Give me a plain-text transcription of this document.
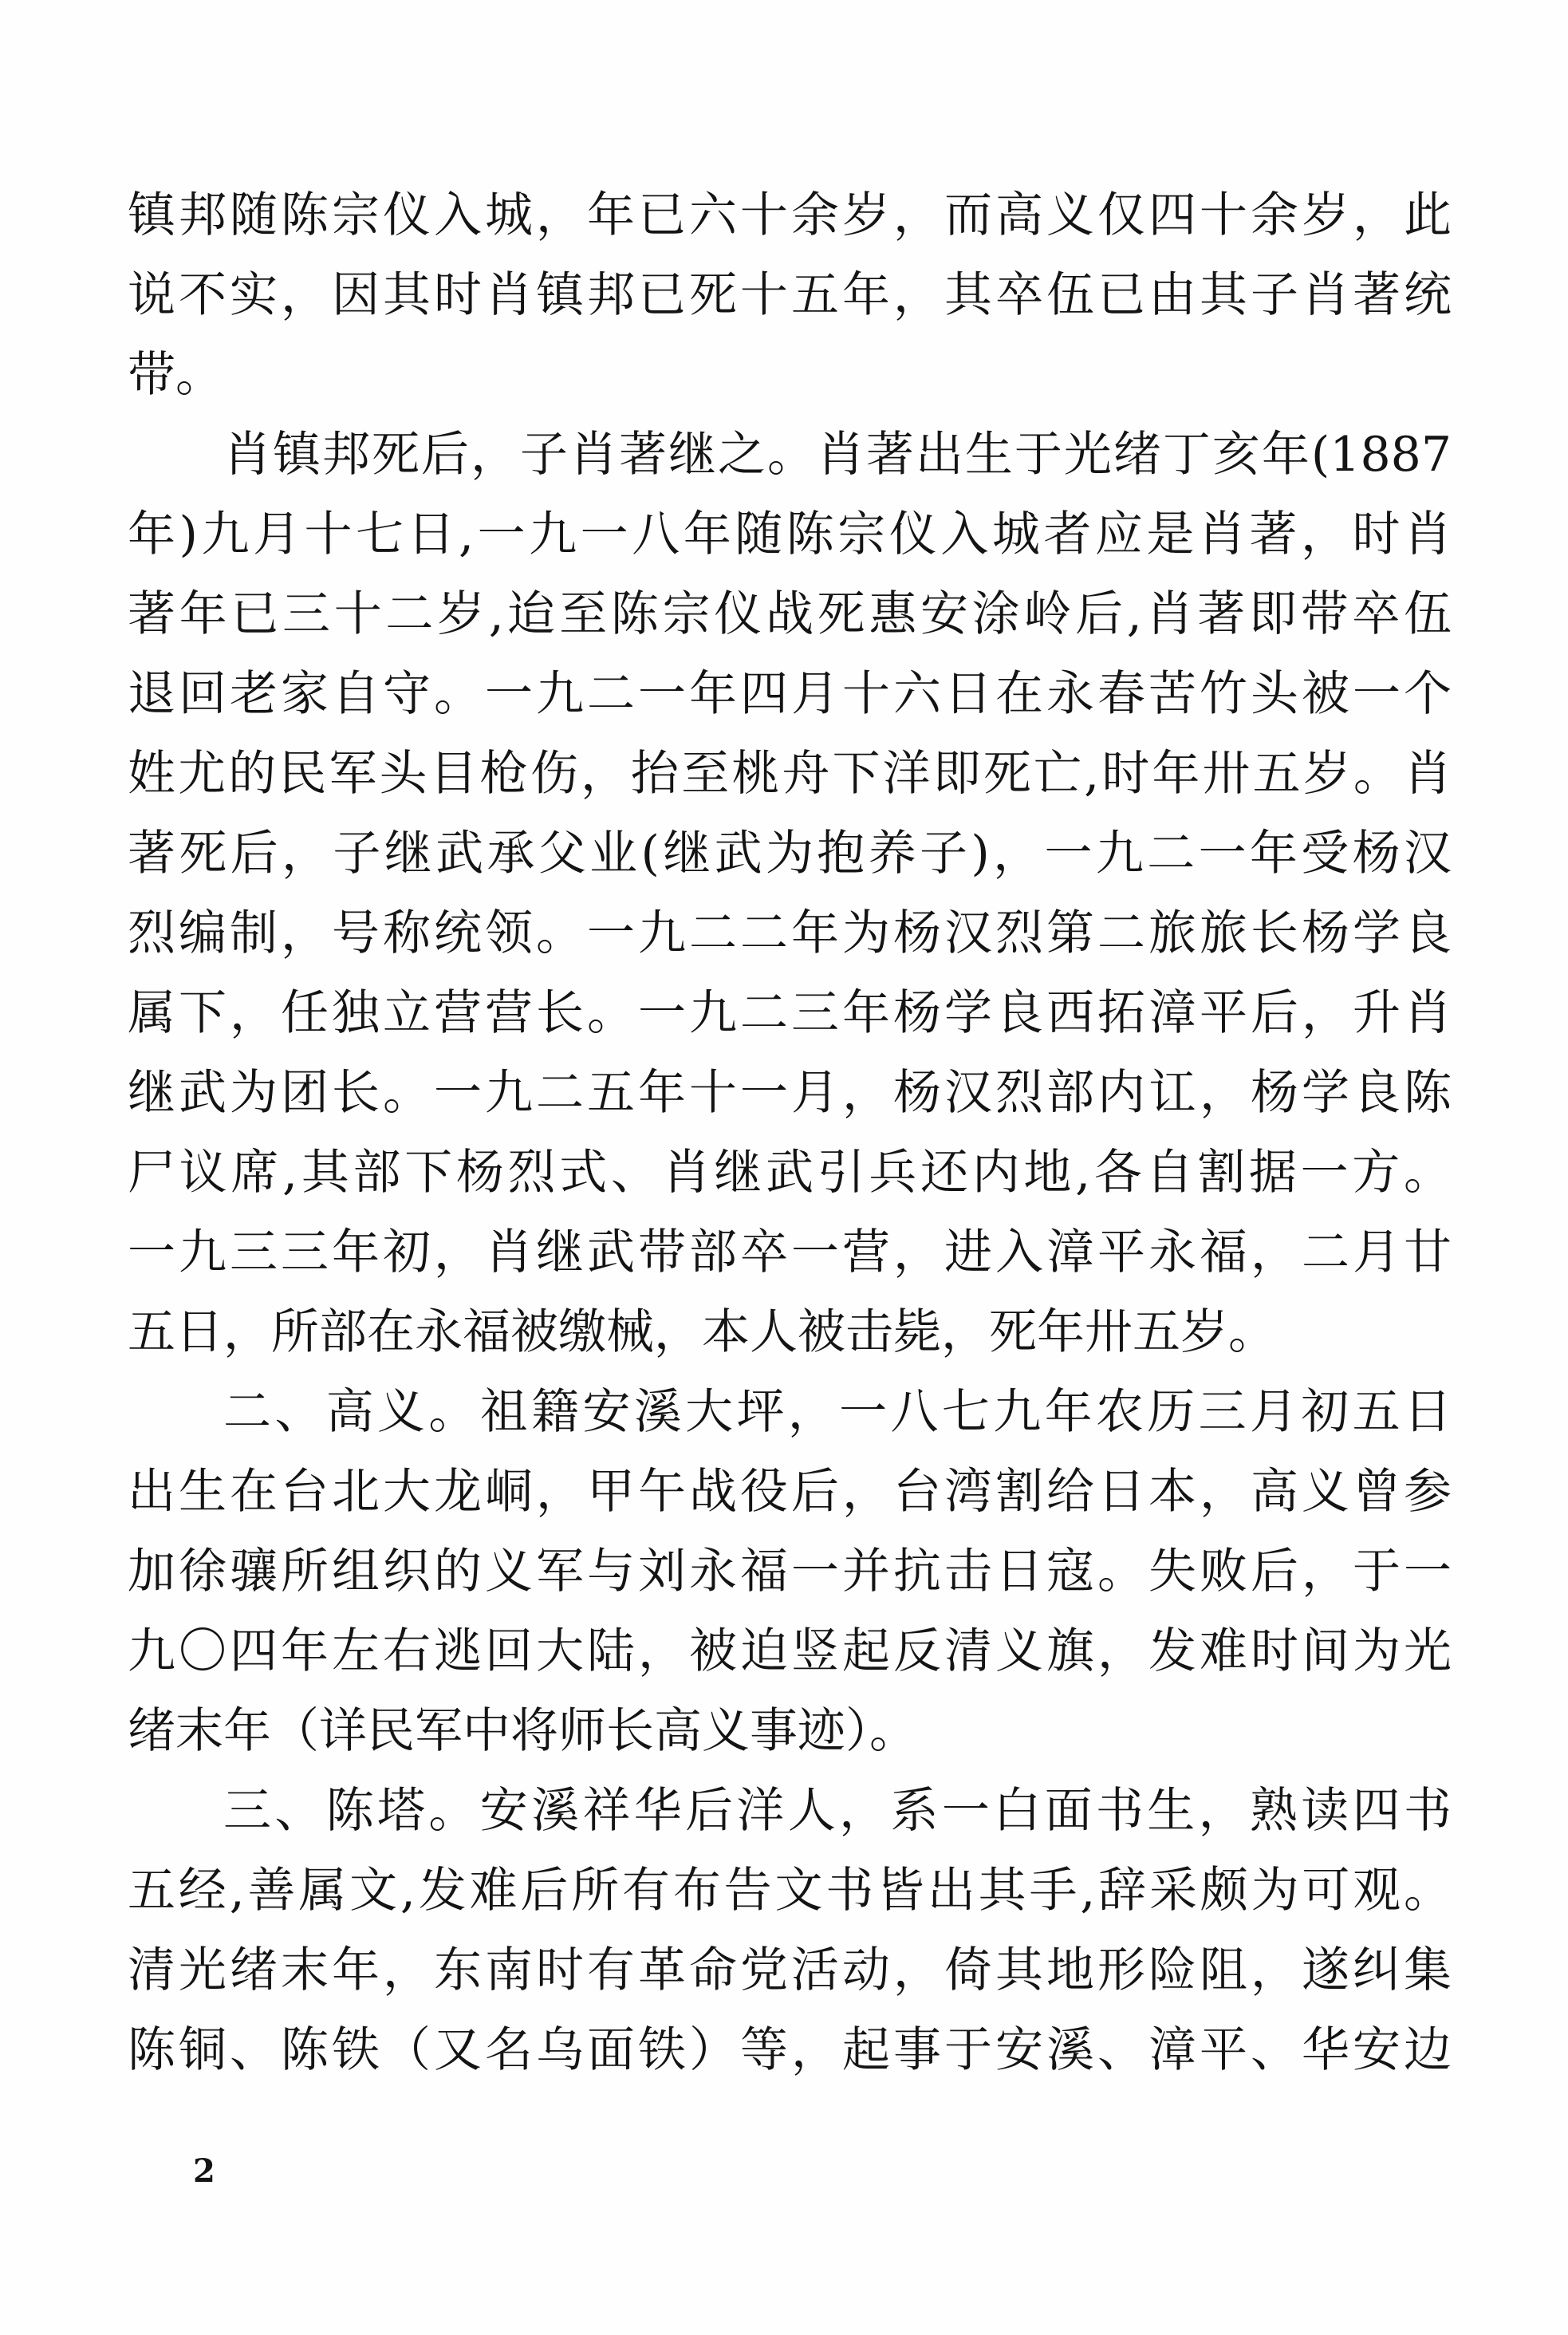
镇邦随陈宗仪入城，年已六十余岁，而高义仅四十余岁，此
说不实，因其时肖镇邦已死十五年，其卒伍已由其子肖著统
带。
肖镇邦死后，子肖著继之。肖著出生于光绪丁亥年(1887
年)九月十七日,一九一八年随陈宗仪入城者应是肖著，时肖
著年已三十二岁,迨至陈宗仪战死惠安涂岭后,肖著即带卒伍
退回老家自守。一九二一年四月十六日在永春苦竹头被一个
姓尤的民军头目枪伤，抬至桃舟下洋即死亡,时年卅五岁。肖
著死后，子继武承父业(继武为抱养子)，一九二一年受杨汉
烈编制，号称统领。一九二二年为杨汉烈第二旅旅长杨学良
属下，任独立营营长。一九二三年杨学良西拓漳平后，升肖
继武为团长。一九二五年十一月，杨汉烈部内讧，杨学良陈
尸议席,其部下杨烈式、肖继武引兵还内地,各自割据一方。
一九三三年初，肖继武带部卒一营，进入漳平永福，二月廿
五日，所部在永福被缴械，本人被击毙，死年卅五岁。
二、高义。祖籍安溪大坪，一八七九年农历三月初五日
出生在台北大龙峒，甲午战役后，台湾割给日本，高义曾参
加徐骧所组织的义军与刘永福一并抗击日寇。失败后，于一
九〇四年左右逃回大陆，被迫竖起反清义旗，发难时间为光
绪末年（详民军中将师长高义事迹）。
三、陈塔。安溪祥华后洋人，系一白面书生，熟读四书
五经,善属文,发难后所有布告文书皆出其手,辞采颇为可观。
清光绪末年，东南时有革命党活动，倚其地形险阻，遂纠集
陈铜、陈铁（又名乌面铁）等，起事于安溪、漳平、华安边
2
